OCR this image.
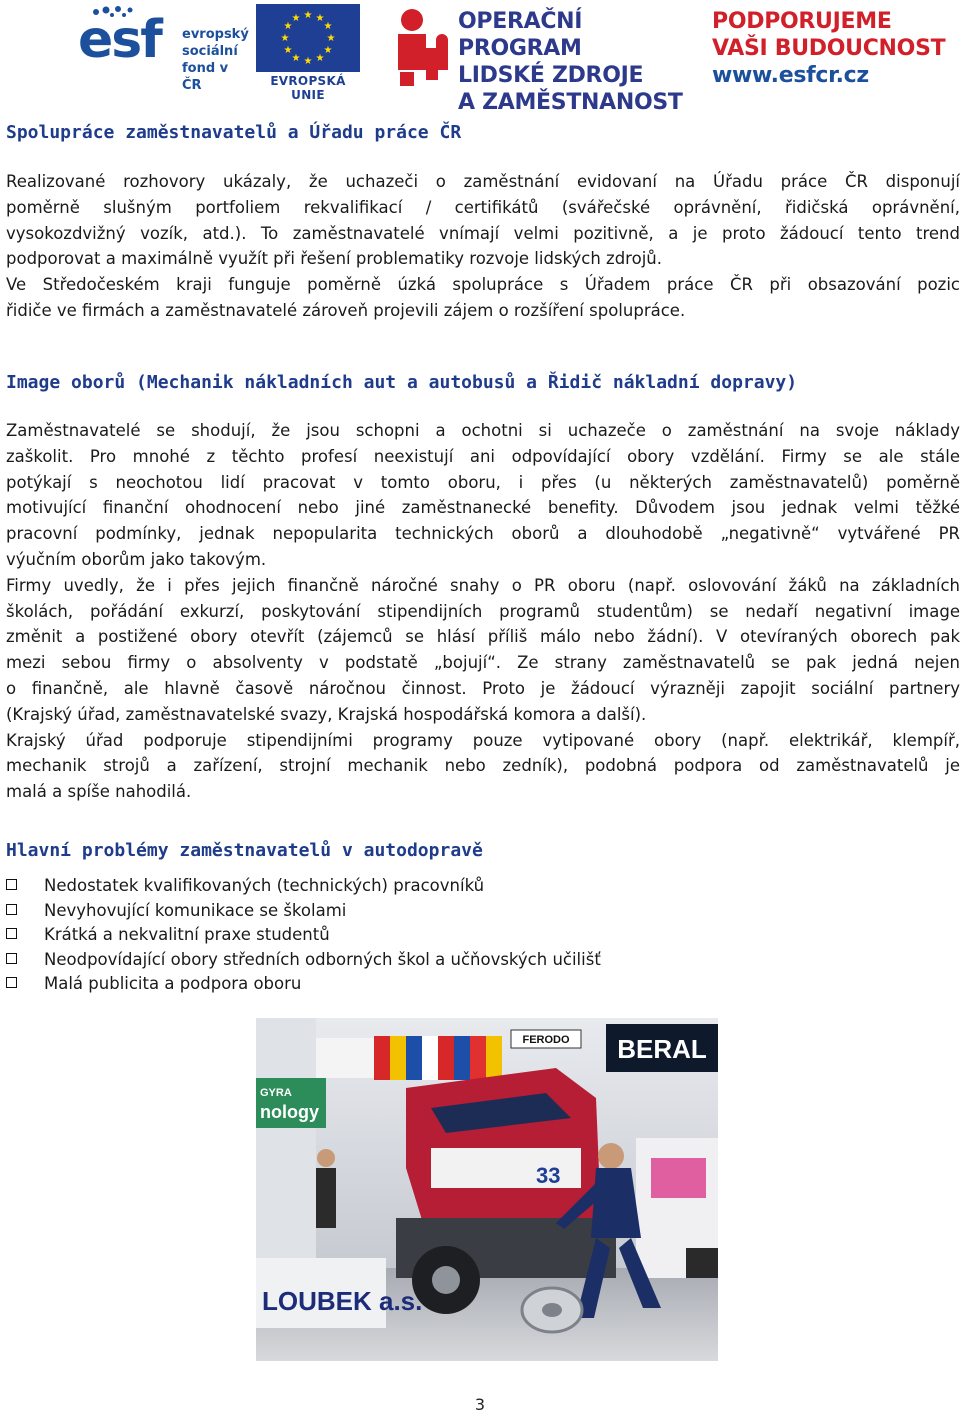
esf evropský
sociální
fond v ČR
★ ★
★
★
★
★
★
★
★
★
★
★
EVROPSKÁ UNIE
OPERAČNÍ PROGRAM
LIDSKÉ ZDROJE
A ZAMĚSTNANOST
PODPORUJEME
VAŠI BUDOUCNOST
www.esfcr.cz
Spolupráce zaměstnavatelů a Úřadu práce ČR
Realizované rozhovory ukázaly, že uchazeči o zaměstnání evidovaní na Úřadu práce ČR disponují
poměrně slušným portfoliem rekvalifikací / certifikátů (svářečské oprávnění, řidičská oprávnění,
vysokozdvižný vozík, atd.). To zaměstnavatelé vnímají velmi pozitivně, a je proto žádoucí tento trend
podporovat a maximálně využít při řešení problematiky rozvoje lidských zdrojů.
Ve Středočeském kraji funguje poměrně úzká spolupráce s Úřadem práce ČR při obsazování pozic
řidiče ve firmách a zaměstnavatelé zároveň projevili zájem o rozšíření spolupráce.
Image oborů (Mechanik nákladních aut a autobusů a Řidič nákladní dopravy)
Zaměstnavatelé se shodují, že jsou schopni a ochotni si uchazeče o zaměstnání na svoje náklady
zaškolit. Pro mnohé z těchto profesí neexistují ani odpovídající obory vzdělání. Firmy se ale stále
potýkají s neochotou lidí pracovat v tomto oboru, i přes (u některých zaměstnavatelů) poměrně
motivující finanční ohodnocení nebo jiné zaměstnanecké benefity. Důvodem jsou jednak velmi těžké
pracovní podmínky, jednak nepopularita technických oborů a dlouhodobě „negativně“ vytvářené PR
výučním oborům jako takovým.
Firmy uvedly, že i přes jejich finančně náročné snahy o PR oboru (např. oslovování žáků na základních
školách, pořádání exkurzí, poskytování stipendijních programů studentům) se nedaří negativní image
změnit a postižené obory otevřít (zájemců se hlásí příliš málo nebo žádní). V otevíraných oborech pak
mezi sebou firmy o absolventy v podstatě „bojují“. Ze strany zaměstnavatelů se pak jedná nejen
o finančně, ale hlavně časově náročnou činnost. Proto je žádoucí výrazněji zapojit sociální partnery
(Krajský úřad, zaměstnavatelské svazy, Krajská hospodářská komora a další).
Krajský úřad podporuje stipendijními programy pouze vytipované obory (např. elektrikář, klempíř,
mechanik strojů a zařízení, strojní mechanik nebo zedník), podobná podpora od zaměstnavatelů je
malá a spíše nahodilá.
Hlavní problémy zaměstnavatelů v autodopravě
Nedostatek kvalifikovaných (technických) pracovníků
Nevyhovující komunikace se školami
Krátká a nekvalitní praxe studentů
Neodpovídající obory středních odborných škol a učňovských učilišť
Malá publicita a podpora oboru
FERODO BERAL
GYRA
nology
33
LOUBEK a.s.
3
